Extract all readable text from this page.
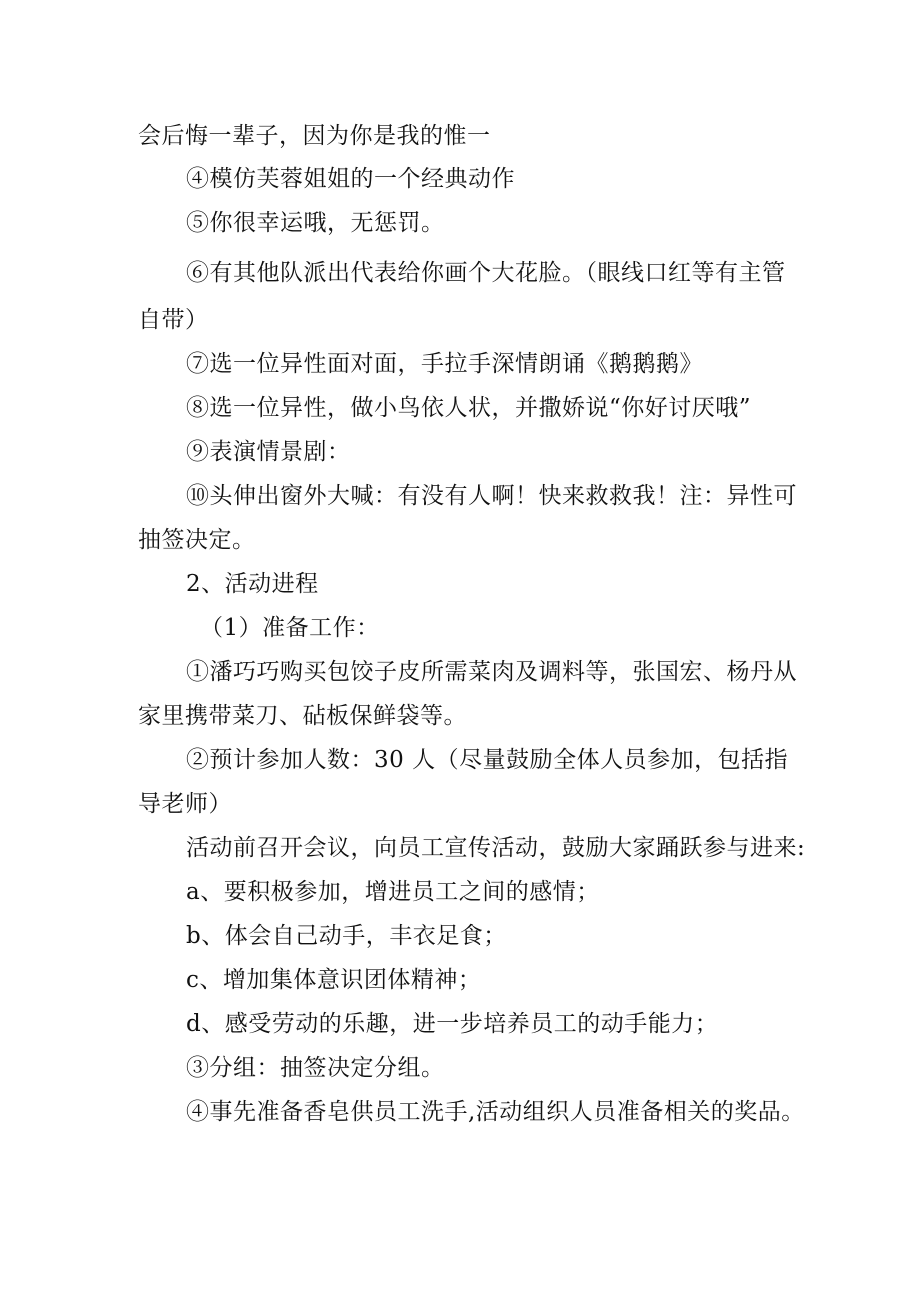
会后悔一辈子，因为你是我的惟一
④模仿芙蓉姐姐的一个经典动作
⑤你很幸运哦，无惩罚。
⑥有其他队派出代表给你画个大花脸。（眼线口红等有主管
自带）
⑦选一位异性面对面，手拉手深情朗诵《鹅鹅鹅》
⑧选一位异性，做小鸟依人状，并撒娇说“你好讨厌哦”
⑨表演情景剧：
⑩头伸出窗外大喊：有没有人啊！快来救救我！注：异性可
抽签决定。
2、活动进程
（1）准备工作：
①潘巧巧购买包饺子皮所需菜肉及调料等，张国宏、杨丹从
家里携带菜刀、砧板保鲜袋等。
②预计参加人数：30 人（尽量鼓励全体人员参加，包括指
导老师）
活动前召开会议，向员工宣传活动，鼓励大家踊跃参与进来:
a、要积极参加，增进员工之间的感情；
b、体会自己动手，丰衣足食；
c、增加集体意识团体精神；
d、感受劳动的乐趣，进一步培养员工的动手能力；
③分组：抽签决定分组。
④事先准备香皂供员工洗手,活动组织人员准备相关的奖品。
